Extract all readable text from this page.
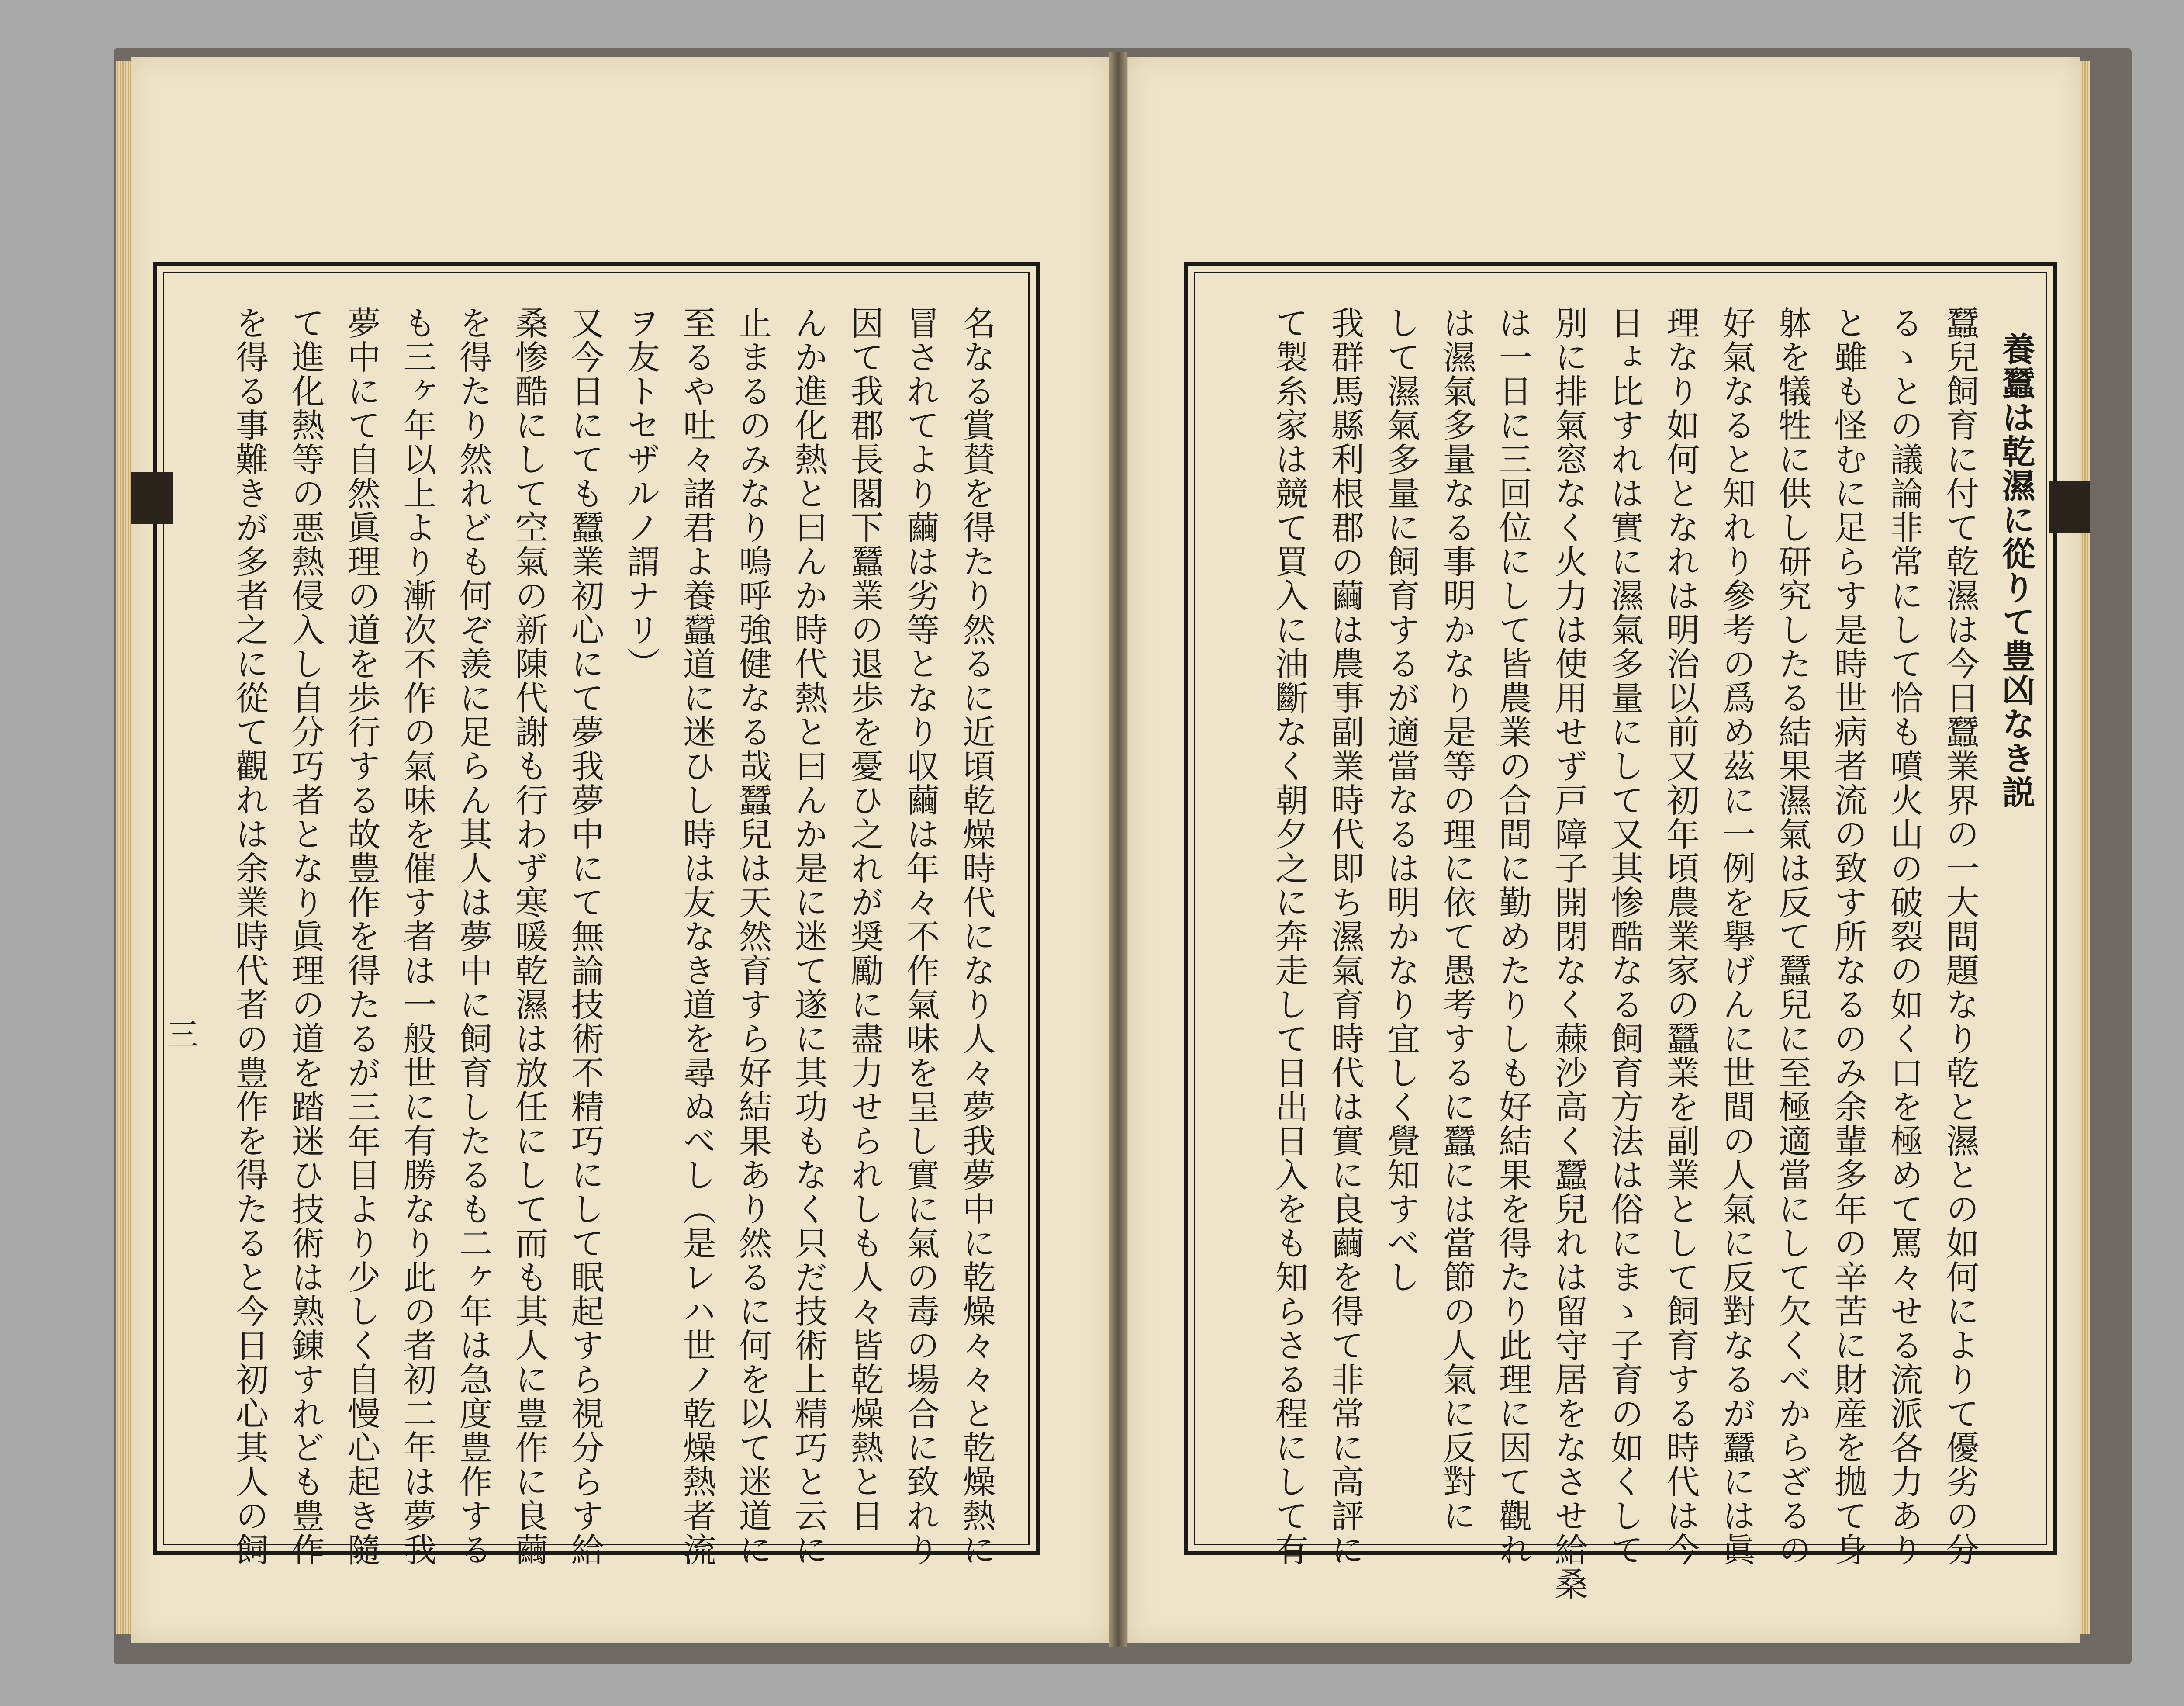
三
養蠶は乾濕に從りて豊凶なき説
蠶兒飼育に付て乾濕は今日蠶業界の一大問題なり乾と濕との如何によりて優劣の分
るゝとの議論非常にして恰も噴火山の破裂の如く口を極めて罵々せる流派各力あり
と雖も怪むに足らす是時世病者流の致す所なるのみ余輩多年の辛苦に財産を拋て身
躰を犠牲に供し研究したる結果濕氣は反て蠶兒に至極適當にして欠くべからざるの
好氣なると知れり參考の爲め茲に一例を擧げんに世間の人氣に反對なるが蠶には眞
理なり如何となれは明治以前又初年頃農業家の蠶業を副業として飼育する時代は今
日ょ比すれは實に濕氣多量にして又其惨酷なる飼育方法は俗にまゝ子育の如くして
別に排氣窓なく火力は使用せず戸障子開閉なく蕀沙高く蠶兒れは留守居をなさせ給桑
は一日に三回位にして皆農業の合間に勤めたりしも好結果を得たり此理に因て觀れ
は濕氣多量なる事明かなり是等の理に依て愚考するに蠶には當節の人氣に反對に
して濕氣多量に飼育するが適當なるは明かなり宜しく覺知すべし
我群馬縣利根郡の繭は農事副業時代即ち濕氣育時代は實に良繭を得て非常に高評に
て製糸家は競て買入に油斷なく朝夕之に奔走して日出日入をも知らさる程にして有
名なる賞賛を得たり然るに近頃乾燥時代になり人々夢我夢中に乾燥々々と乾燥熱に
冒されてより繭は劣等となり収繭は年々不作氣味を呈し實に氣の毒の場合に致れり
因て我郡長閣下蠶業の退歩を憂ひ之れが奨勵に盡力せられしも人々皆乾燥熱と日
んか進化熱と曰んか時代熱と曰んか是に迷て遂に其功もなく只だ技術上精巧と云に
止まるのみなり嗚呼強健なる哉蠶兒は天然育すら好結果あり然るに何を以て迷道に
至るや吐々諸君よ養蠶道に迷ひし時は友なき道を尋ぬべし（是レハ世ノ乾燥熱者流
ヲ友トセザルノ謂ナリ）
又今日にても蠶業初心にて夢我夢中にて無論技術不精巧にして眠起すら視分らす給
桑惨酷にして空氣の新陳代謝も行わず寒暖乾濕は放任にして而も其人に豊作に良繭
を得たり然れども何ぞ羨に足らん其人は夢中に飼育したるも二ヶ年は急度豊作する
も三ヶ年以上より漸次不作の氣味を催す者は一般世に有勝なり此の者初二年は夢我
夢中にて自然眞理の道を歩行する故豊作を得たるが三年目より少しく自慢心起き隨
て進化熱等の悪熱侵入し自分巧者となり眞理の道を踏迷ひ技術は熟錬すれども豊作
を得る事難きが多者之に從て觀れは余業時代者の豊作を得たると今日初心其人の飼
